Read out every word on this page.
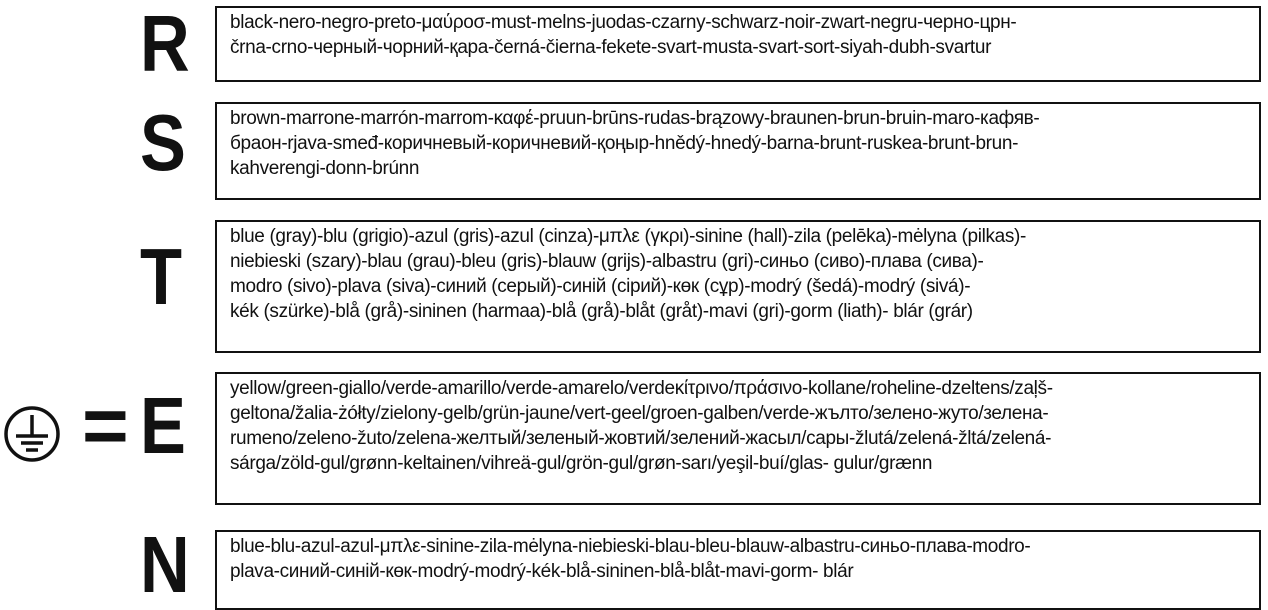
R black-nero-negro-preto-μαύροσ-must-melns-juodas-czarny-schwarz-noir-zwart-negru-черно-црн-

črna-crno-черный-чорний-қара-černá-čierna-fekete-svart-musta-svart-sort-siyah-dubh-svartur

S brown-marrone-marrón-marrom-καφέ-pruun-brūns-rudas-brązowy-braunen-brun-bruin-maro-кафяв-

браон-rjava-smeđ-коричневый-коричневий-қоңыр-hnědý-hnedý-barna-brunt-ruskea-brunt-brun-

kahverengi-donn-brúnn

T	blue (gray)-blu (grigio)-azul (gris)-azul (cinza)-μπλε (γκρι)-sinine (hall)-zila (pelēka)-mėlyna (pilkas)-

niebieski (szary)-blau (grau)-bleu (gris)-blauw (grijs)-albastru (gri)-синьо (сиво)-плава (сива)-

modro (sivo)-plava (siva)-синий (серый)-синій (сірий)-көк (сұр)-modrý (šedá)-modrý (sivá)-

kék (szürke)-blå (grå)-sininen (harmaa)-blå (grå)-blåt (gråt)-mavi (gri)-gorm (liath)- blár (grár)

= E yellow/green-giallo/verde-amarillo/verde-amarelo/verdeκίτρινο/πράσινο-kollane/roheline-dzeltens/zaļš-

geltona/žalia-żółty/zielony-gelb/grün-jaune/vert-geel/groen-galben/verde-жълто/зелено-жуто/зелена-

rumeno/zeleno-žuto/zelena-желтый/зеленый-жовтий/зелений-жасыл/сары-žlutá/zelená-žltá/zelená-

sárga/zöld-gul/grønn-keltainen/vihreä-gul/grön-gul/grøn-sarı/yeşil-buí/glas- gulur/grænn

N blue-blu-azul-azul-μπλε-sinine-zila-mėlyna-niebieski-blau-bleu-blauw-albastru-синьо-плава-modro-

plava-синий-синій-көк-modrý-modrý-kék-blå-sininen-blå-blåt-mavi-gorm- blár
